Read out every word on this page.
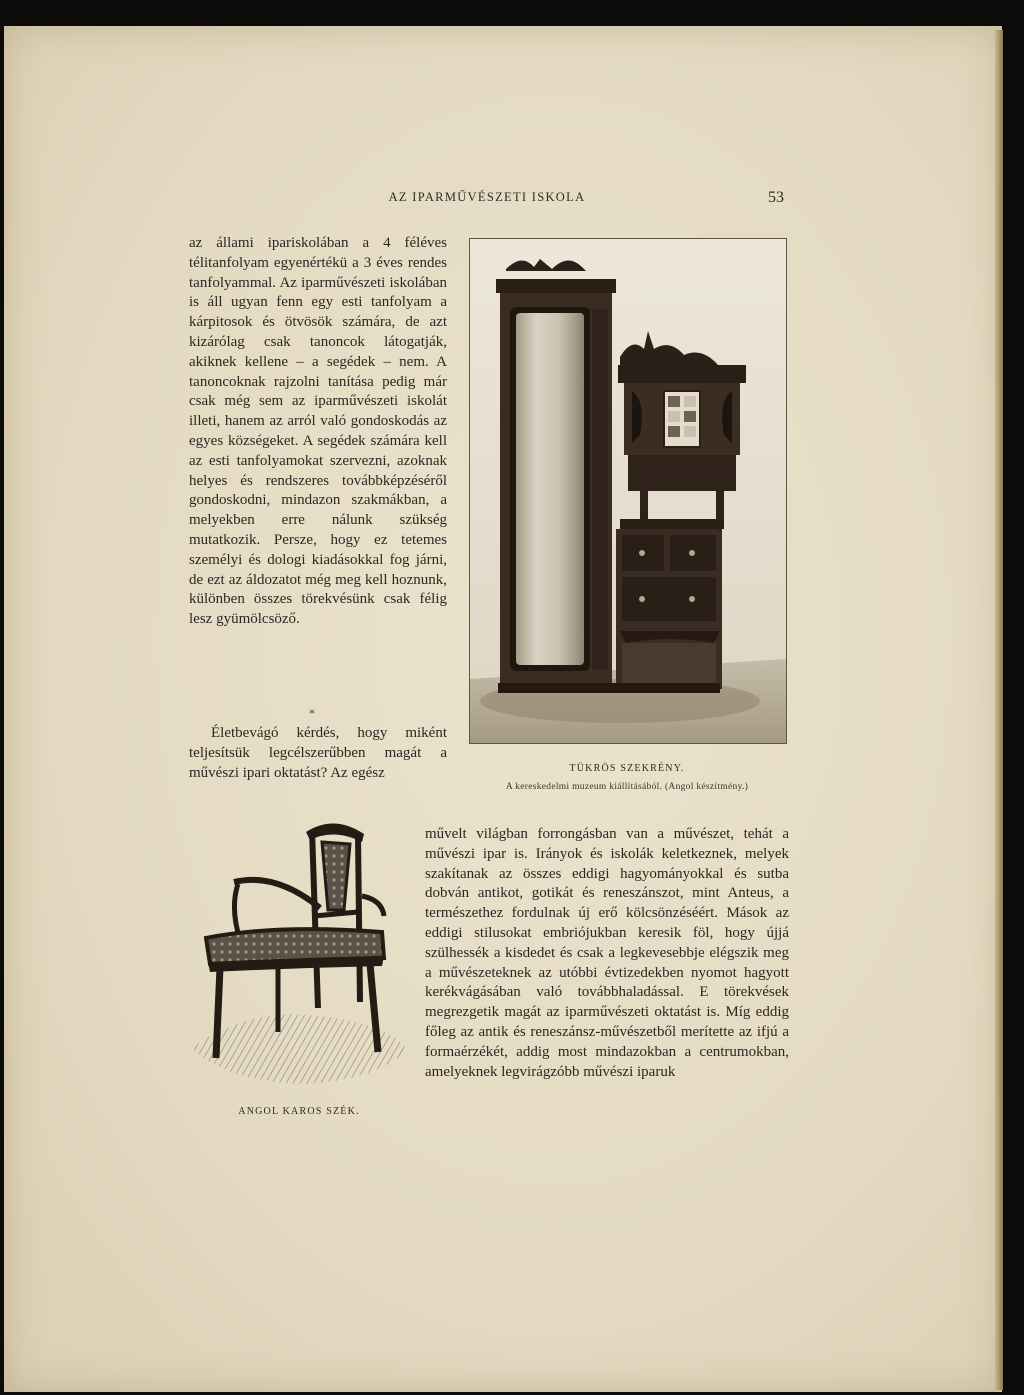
AZ IPARMŰVÉSZETI ISKOLA	53

az állami ipariskolában a 4 féléves télitanfolyam egyenértékü a 3 éves rendes tanfolyammal. Az iparművészeti iskolában is áll ugyan fenn egy esti tanfolyam a kárpitosok és ötvösök számára, de azt kizárólag csak tanoncok látogatják, akiknek kellene – a segédek – nem. A tanoncoknak rajzolni tanítása pedig már csak még sem az iparművészeti iskolát illeti, hanem az arról való gondoskodás az egyes községeket. A segédek számára kell az esti tanfolyamokat szervezni, azoknak helyes és rendszeres továbbképzéséről gondoskodni, mindazon szakmákban, a melyekben erre nálunk szükség mutatkozik. Persze, hogy ez tetemes személyi és dologi kiadásokkal fog járni, de ezt az áldozatot még meg kell hoznunk, különben összes törekvésünk csak félig lesz gyümölcsöző.

*

Életbevágó kérdés, hogy miként teljesítsük legcélszerűbben magát a művészi ipari oktatást? Az egész

művelt világban forrongásban van a művészet, tehát a művészi ipar is. Irányok és iskolák keletkeznek, melyek szakítanak az összes eddigi hagyományokkal és sutba dobván antikot, gotikát és reneszánszot, mint Anteus, a természethez fordulnak új erő kölcsönzéséért. Mások az eddigi stilusokat embriójukban keresik föl, hogy újjá szülhessék a kisdedet és csak a legkevesebbje elégszik meg a művészeteknek az utóbbi évtizedekben nyomot hagyott kerékvágásában való továbbhaladással. E törekvések megrezgetik magát az iparművészeti oktatást is. Míg eddig főleg az antik és reneszánsz-művészetből merítette az ifjú a formaérzékét, addig most mindazokban a centrumokban, amelyeknek legvirágzóbb művészi iparuk

TÜKRÖS SZEKRÉNY.
A kereskedelmi muzeum kiállításából. (Angol készítmény.)
ANGOL KAROS SZÉK.
